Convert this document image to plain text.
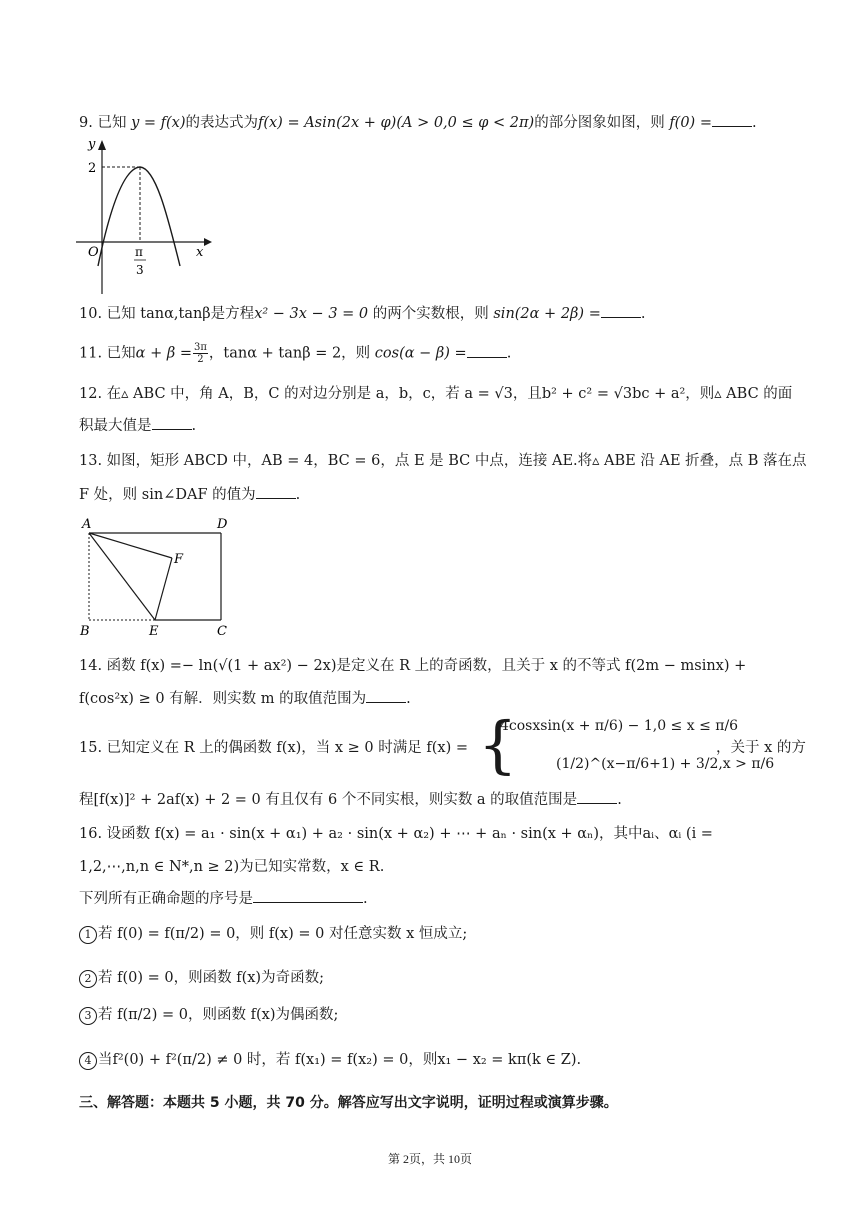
9. 已知 y = f(x)的表达式为f(x) = Asin(2x + φ)(A > 0,0 ≤ φ < 2π)的部分图象如图，则 f(0) =	.
y
x
O
2
π
3
10. 已知 tanα,tanβ是方程x² − 3x − 3 = 0 的两个实数根，则 sin(2α + 2β) =	.
11. 已知$\alpha + \beta = \frac{3\pi}{2}$ ，tanα + tanβ = 2，则 cos(α − β) =	.
12. 在▵ ABC 中，角 A，B，C 的对边分别是 a，b，c，若 a = √3，且b² + c² = √3bc + a²，则▵ ABC 的面
积最大值是	.
13. 如图，矩形 ABCD 中，AB = 4，BC = 6，点 E 是 BC 中点，连接 AE.将▵ ABE 沿 AE 折叠，点 B 落在点
F 处，则 sin∠DAF 的值为	.
A	D
B	E	C
F
14. 函数 f(x) =− ln(√(1 + ax²) − 2x)是定义在 R 上的奇函数，且关于 x 的不等式 f(2m − msinx) +
f(cos²x) ≥ 0 有解．则实数 m 的取值范围为	.
15. 已知定义在 R 上的偶函数 f(x)，当 x ≥ 0 时满足 f(x) = {
4cosxsin(x + π/6) − 1,0 ≤ x ≤ π/6
(1/2)^(x−π/6+1) + 3/2,x > π/6
，关于 x 的方
程[f(x)]² + 2af(x) + 2 = 0 有且仅有 6 个不同实根，则实数 a 的取值范围是	.
16. 设函数 f(x) = a₁ · sin(x + α₁) + a₂ · sin(x + α₂) + ⋯ + aₙ · sin(x + αₙ)，其中aᵢ、αᵢ (i =
1,2,⋯,n,n ∈ N*,n ≥ 2)为已知实常数，x ∈ R.
下列所有正确命题的序号是	.
1 若 f(0) = f(π/2) = 0，则 f(x) = 0 对任意实数 x 恒成立;
2 若 f(0) = 0，则函数 f(x)为奇函数;
3 若 f(π/2) = 0，则函数 f(x)为偶函数;
4 当f²(0) + f²(π/2) ≠ 0 时，若 f(x₁) = f(x₂) = 0，则x₁ − x₂ = kπ(k ∈ Z).
三、解答题：本题共 5 小题，共 70 分。解答应写出文字说明，证明过程或演算步骤。
第 2页，共 10页
